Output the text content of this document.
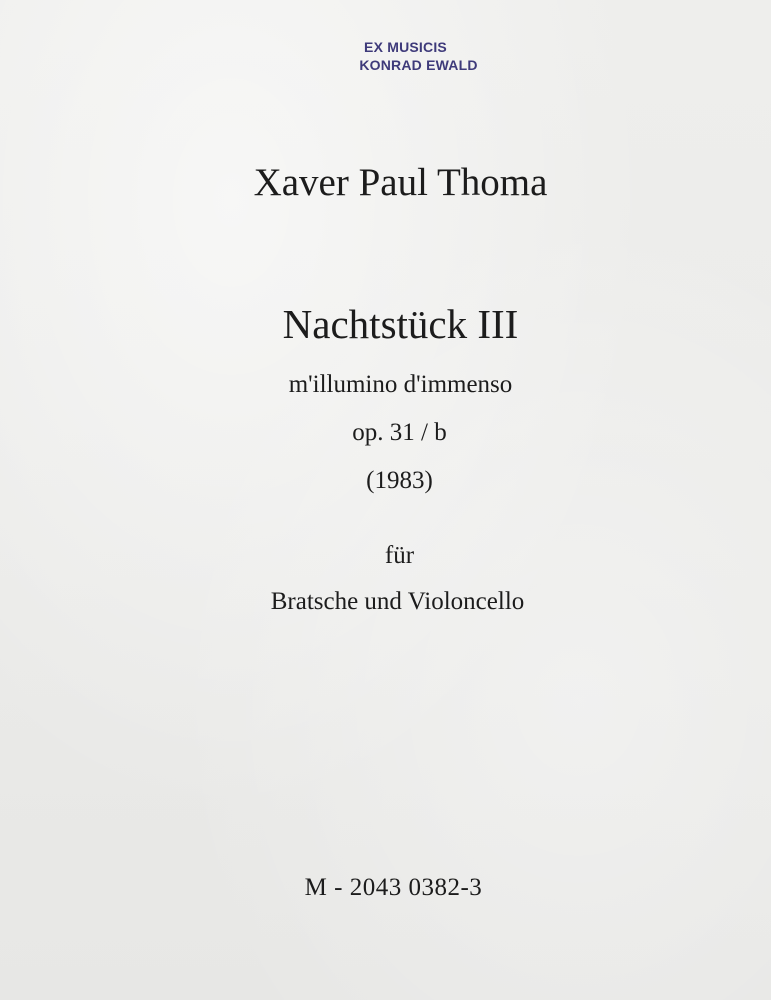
EX MUSICIS
KONRAD EWALD
Xaver Paul Thoma
Nachtstück III
m'illumino d'immenso
op. 31 / b
(1983)
für
Bratsche und Violoncello
M - 2043 0382-3
